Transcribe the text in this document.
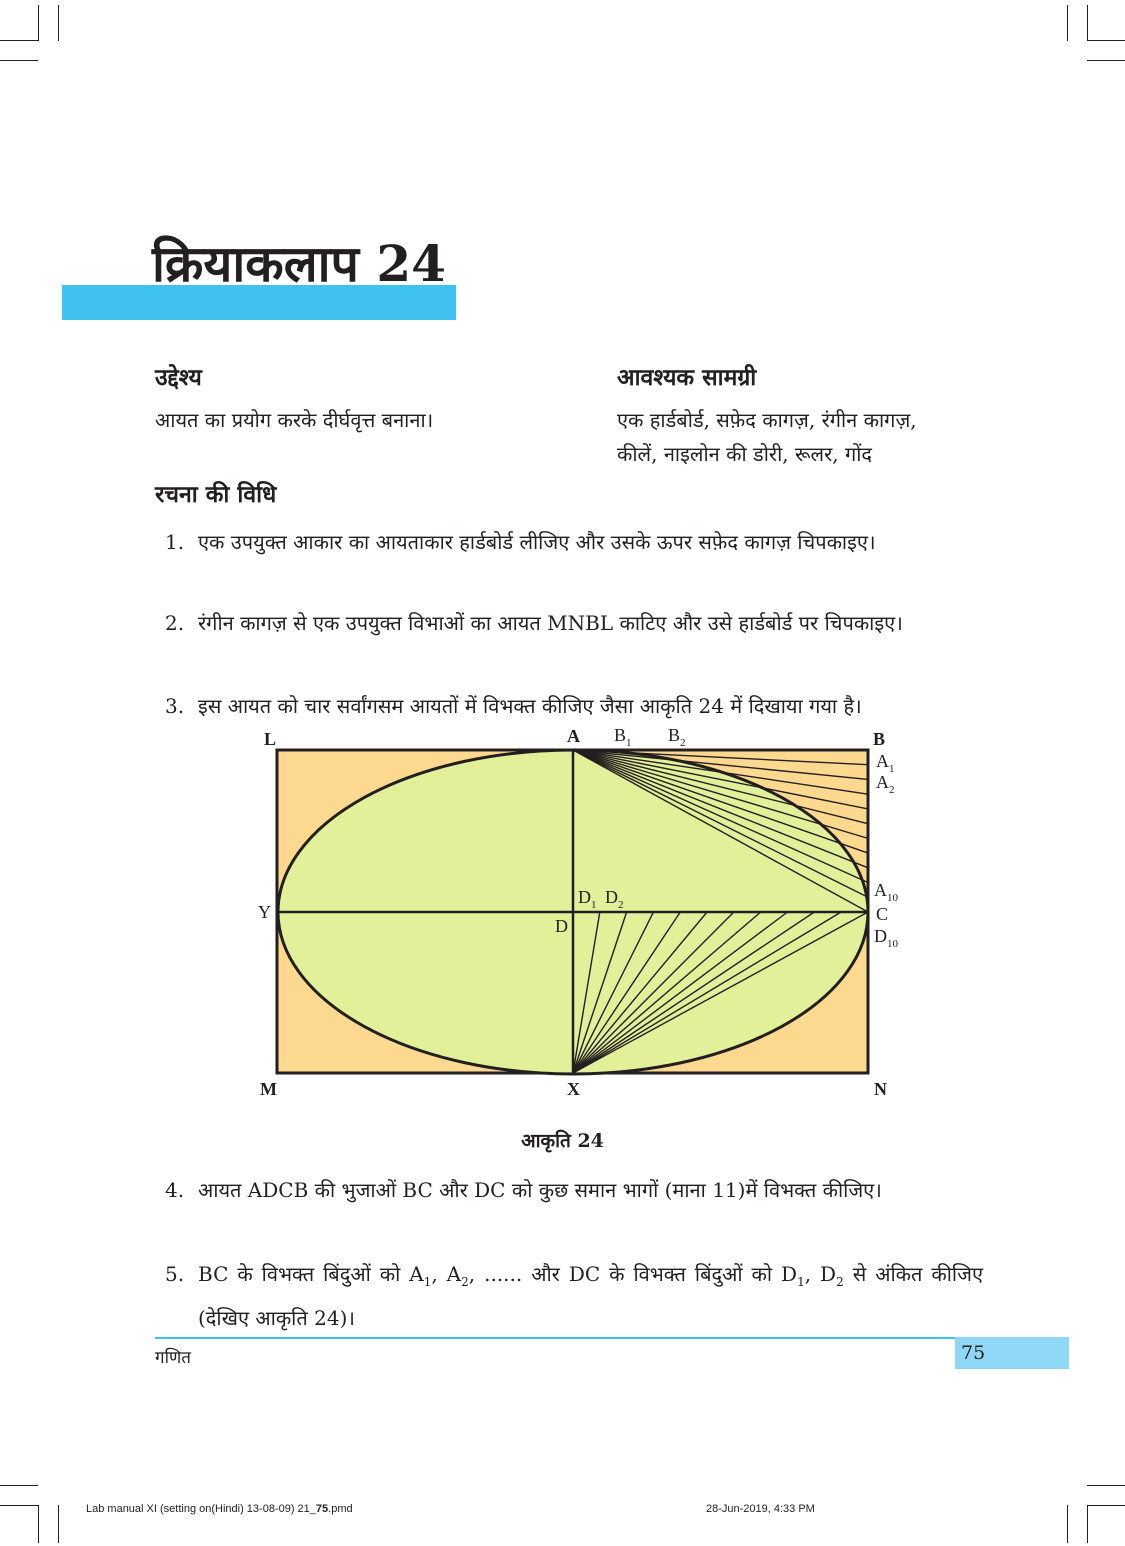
क्रियाकलाप 24
उद्देश्य
आयत का प्रयोग करके दीर्घवृत्त बनाना।
आवश्यक सामग्री
एक हार्डबोर्ड, सफ़ेद कागज़, रंगीन कागज़,
कीलें, नाइलोन की डोरी, रूलर, गोंद
रचना की विधि
1. एक उपयुक्त आकार का आयताकार हार्डबोर्ड लीजिए और उसके ऊपर सफ़ेद कागज़ चिपकाइए।
2. रंगीन कागज़ से एक उपयुक्त विभाओं का आयत MNBL काटिए और उसे हार्डबोर्ड पर चिपकाइए।
3. इस आयत को चार सर्वांगसम आयतों में विभक्त कीजिए जैसा आकृति 24 में दिखाया गया है।
L	A	B
$B_1$ $B_2$
$A_1$
$A_2$
$A_{10}$
C
$D_{10}$
Y
D
$D_1$ $D_2$
M	X	N
आकृति 24
4. आयत ADCB की भुजाओं BC और DC को कुछ समान भागों (माना 11)में विभक्त कीजिए।
5. BC के विभक्त बिंदुओं को $A_1$, $A_2$, ...... और DC के विभक्त बिंदुओं को $D_1$, $D_2$ से अंकित कीजिए (देखिए आकृति 24)।
75
गणित
Lab manual XI (setting on(Hindi) 13-08-09) 21_75.pmd	28-Jun-2019, 4:33 PM
